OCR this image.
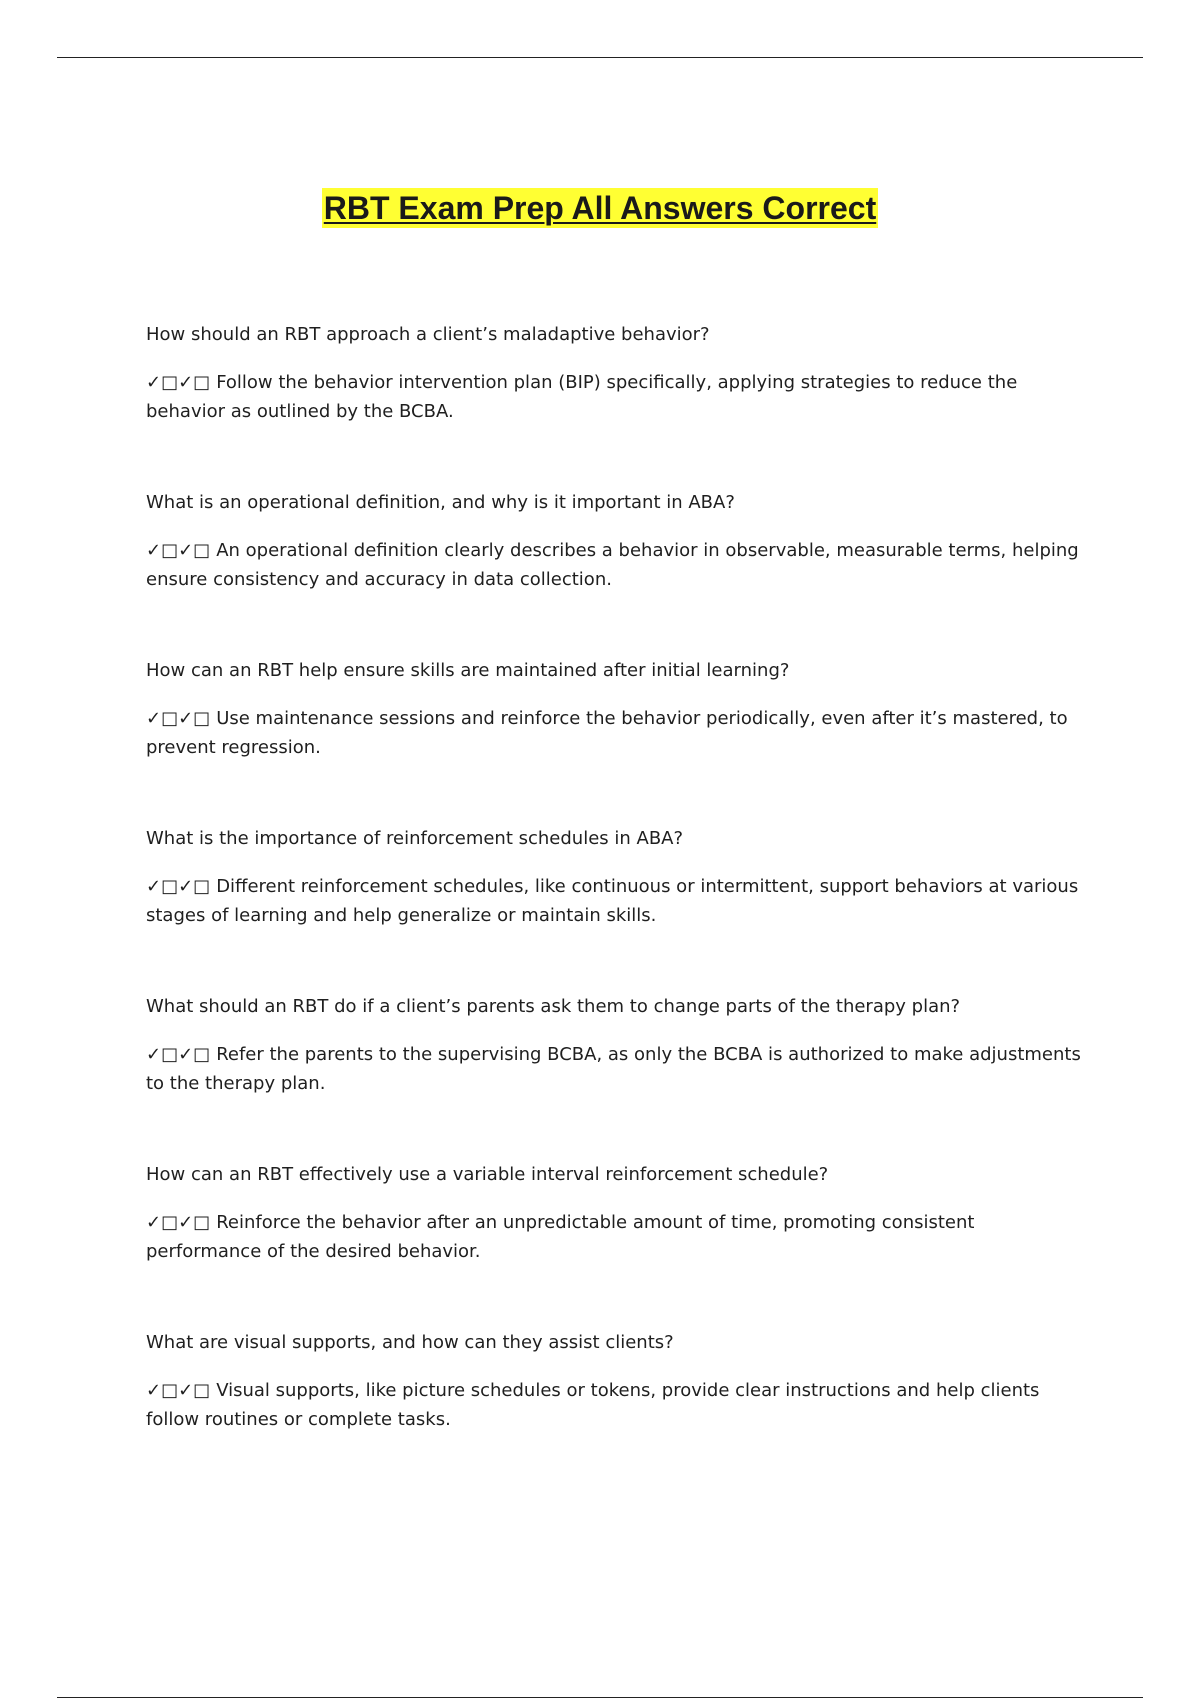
RBT Exam Prep All Answers Correct

How should an RBT approach a client’s maladaptive behavior?

✓□✓□ Follow the behavior intervention plan (BIP) specifically, applying strategies to reduce the behavior as outlined by the BCBA.

What is an operational definition, and why is it important in ABA?

✓□✓□ An operational definition clearly describes a behavior in observable, measurable terms, helping ensure consistency and accuracy in data collection.

How can an RBT help ensure skills are maintained after initial learning?

✓□✓□ Use maintenance sessions and reinforce the behavior periodically, even after it’s mastered, to prevent regression.

What is the importance of reinforcement schedules in ABA?

✓□✓□ Different reinforcement schedules, like continuous or intermittent, support behaviors at various stages of learning and help generalize or maintain skills.

What should an RBT do if a client’s parents ask them to change parts of the therapy plan?

✓□✓□ Refer the parents to the supervising BCBA, as only the BCBA is authorized to make adjustments to the therapy plan.

How can an RBT effectively use a variable interval reinforcement schedule?

✓□✓□ Reinforce the behavior after an unpredictable amount of time, promoting consistent performance of the desired behavior.

What are visual supports, and how can they assist clients?

✓□✓□ Visual supports, like picture schedules or tokens, provide clear instructions and help clients follow routines or complete tasks.
